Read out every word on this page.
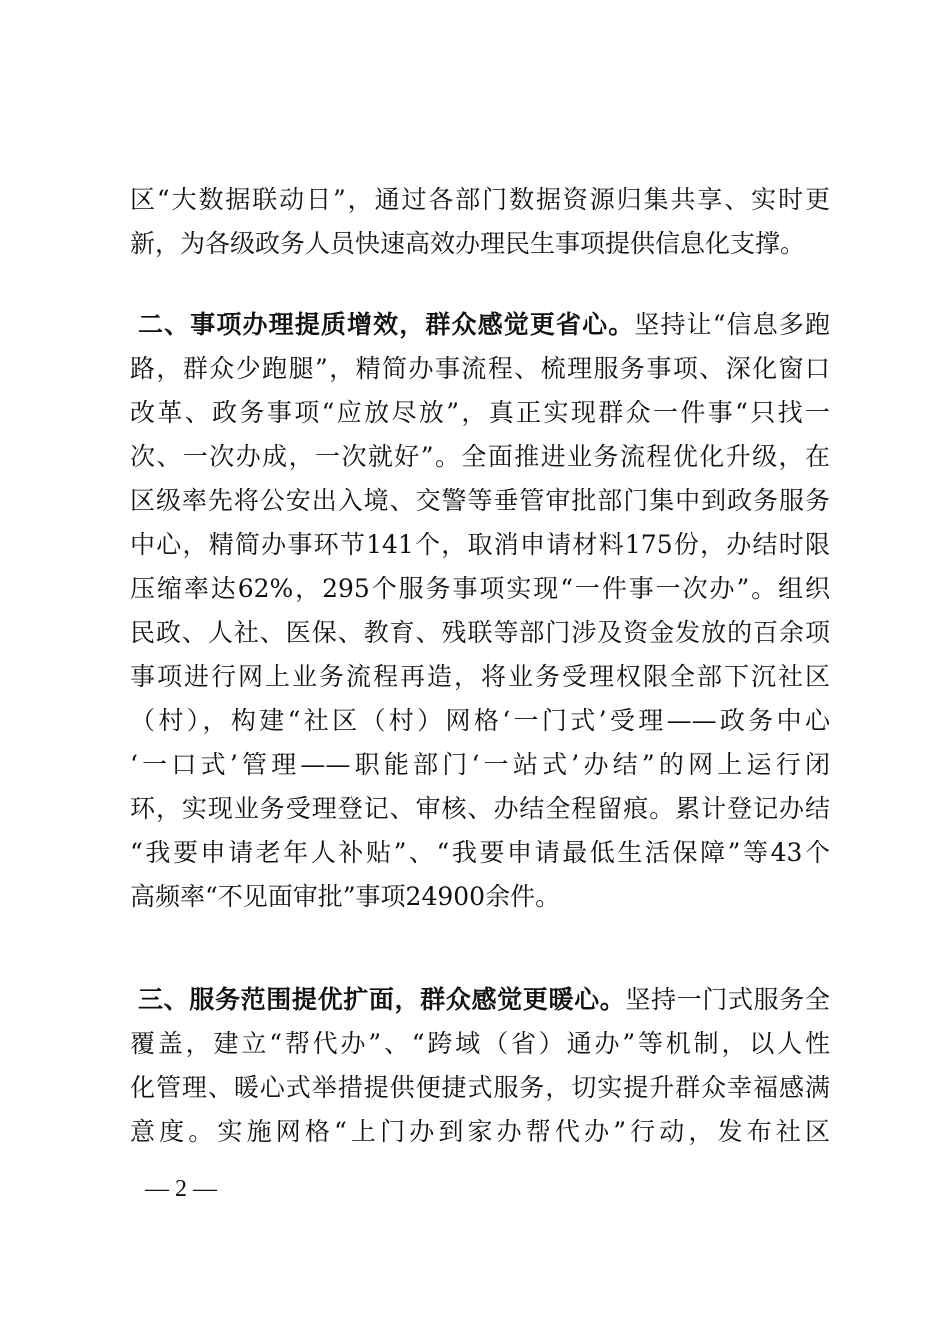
区“大数据联动日”，通过各部门数据资源归集共享、实时更
新，为各级政务人员快速高效办理民生事项提供信息化支撑。
二、事项办理提质增效，群众感觉更省心。坚持让“信息多跑
路，群众少跑腿”，精简办事流程、梳理服务事项、深化窗口
改革、政务事项“应放尽放”，真正实现群众一件事“只找一
次、一次办成，一次就好”。全面推进业务流程优化升级，在
区级率先将公安出入境、交警等垂管审批部门集中到政务服务
中心，精简办事环节141个，取消申请材料175份，办结时限
压缩率达62%，295个服务事项实现“一件事一次办”。组织
民政、人社、医保、教育、残联等部门涉及资金发放的百余项
事项进行网上业务流程再造，将业务受理权限全部下沉社区
（村），构建“社区（村）网格‘一门式’受理——政务中心
‘一口式’管理——职能部门‘一站式’办结”的网上运行闭
环，实现业务受理登记、审核、办结全程留痕。累计登记办结
“我要申请老年人补贴”、“我要申请最低生活保障”等43个
高频率“不见面审批”事项24900余件。
三、服务范围提优扩面，群众感觉更暖心。坚持一门式服务全
覆盖，建立“帮代办”、“跨域（省）通办”等机制，以人性
化管理、暖心式举措提供便捷式服务，切实提升群众幸福感满
意度。实施网格“上门办到家办帮代办”行动，发布社区
— 2 —
